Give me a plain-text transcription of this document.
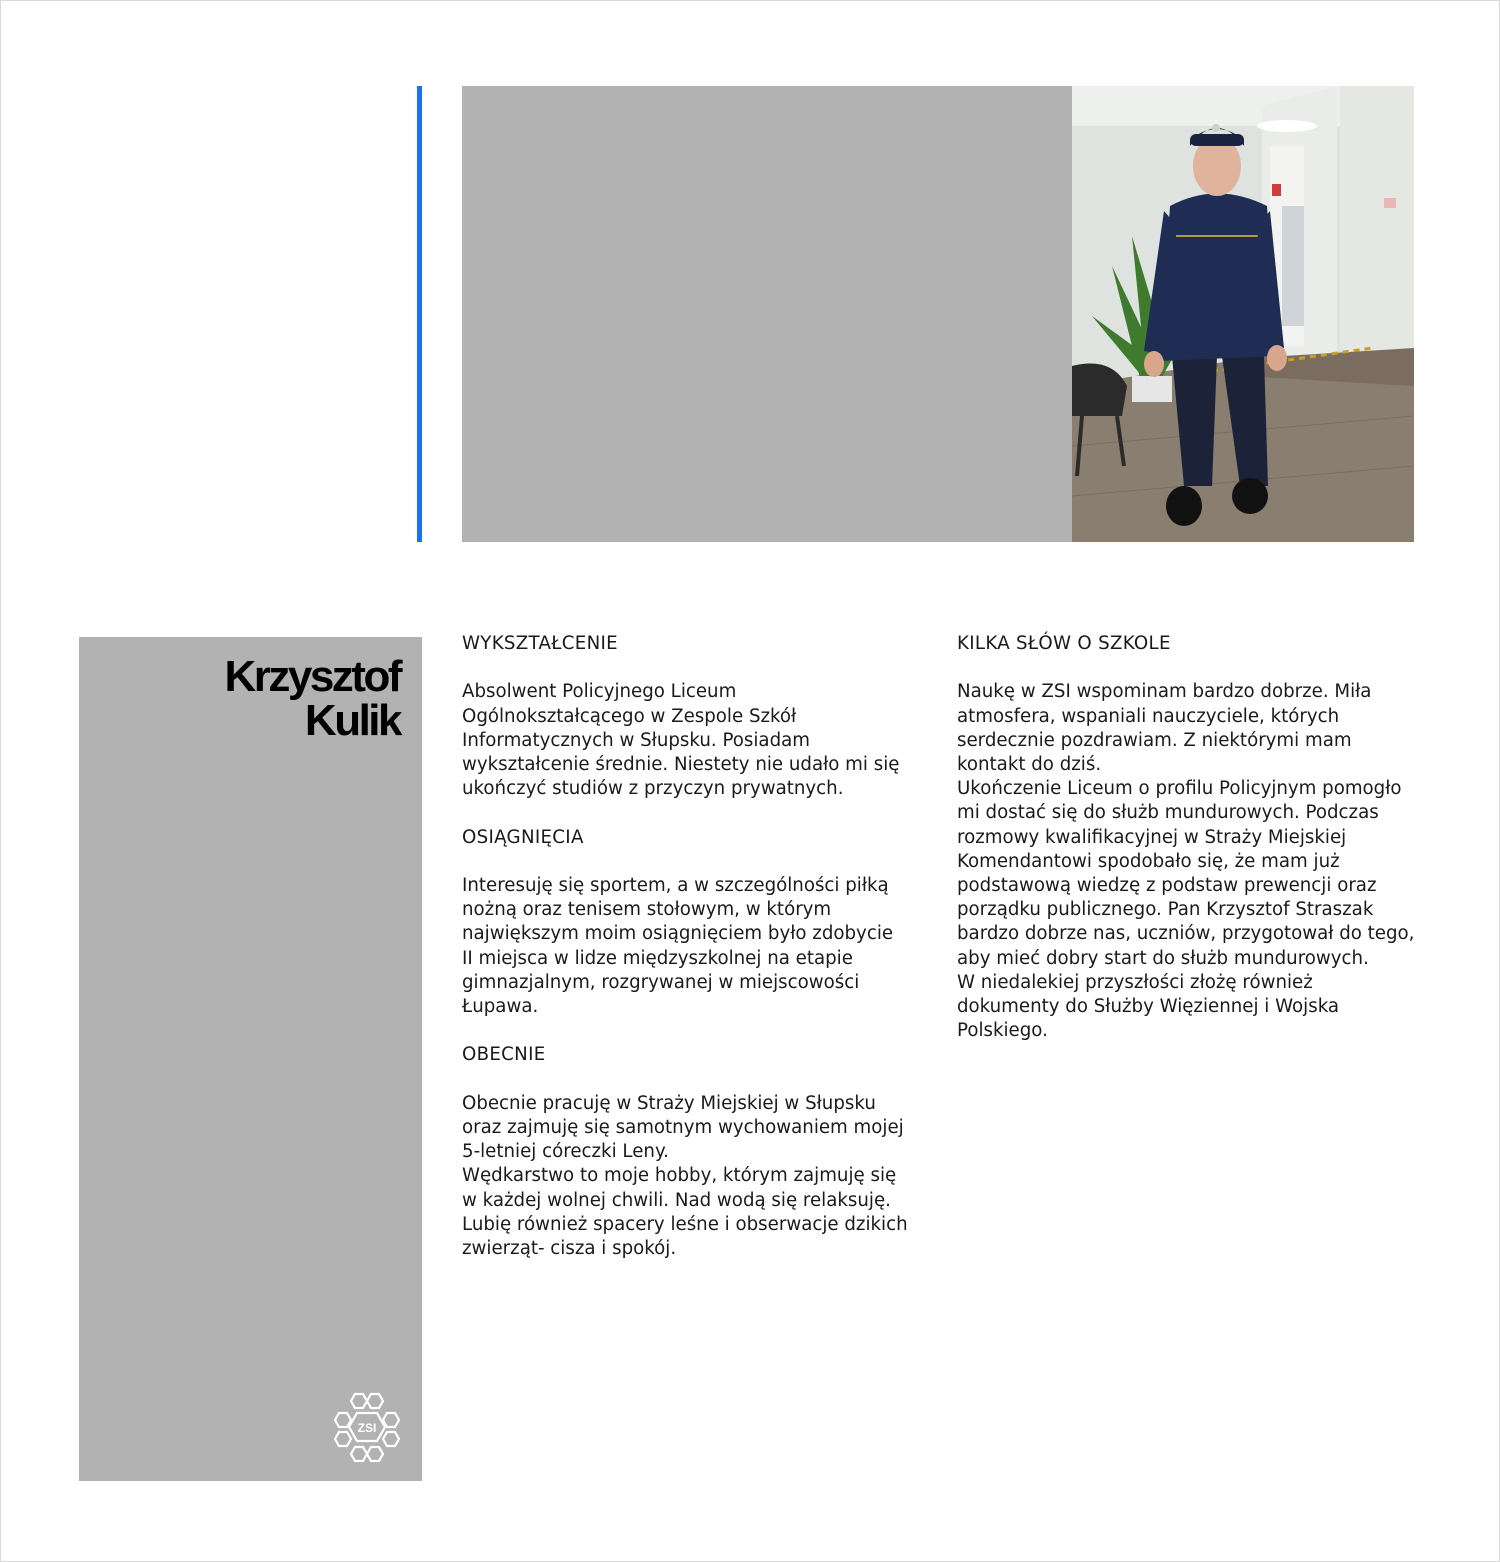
Krzysztof
Kulik
ZSI
WYKSZTAŁCENIE

Absolwent Policyjnego Liceum
Ogólnokształcącego w Zespole Szkół
Informatycznych w Słupsku. Posiadam
wykształcenie średnie. Niestety nie udało mi się
ukończyć studiów z przyczyn prywatnych.

OSIĄGNIĘCIA

Interesuję się sportem, a w szczególności piłką
nożną oraz tenisem stołowym, w którym
największym moim osiągnięciem było zdobycie
II miejsca w lidze międzyszkolnej na etapie
gimnazjalnym, rozgrywanej w miejscowości
Łupawa.

OBECNIE

Obecnie pracuję w Straży Miejskiej w Słupsku
oraz zajmuję się samotnym wychowaniem mojej
5-letniej córeczki Leny.
Wędkarstwo to moje hobby, którym zajmuję się
w każdej wolnej chwili. Nad wodą się relaksuję.
Lubię również spacery leśne i obserwacje dzikich
zwierząt- cisza i spokój.

KILKA SŁÓW O SZKOLE

Naukę w ZSI wspominam bardzo dobrze. Miła
atmosfera, wspaniali nauczyciele, których
serdecznie pozdrawiam. Z niektórymi mam
kontakt do dziś.
Ukończenie Liceum o profilu Policyjnym pomogło
mi dostać się do służb mundurowych. Podczas
rozmowy kwalifikacyjnej w Straży Miejskiej
Komendantowi spodobało się, że mam już
podstawową wiedzę z podstaw prewencji oraz
porządku publicznego. Pan Krzysztof Straszak
bardzo dobrze nas, uczniów, przygotował do tego,
aby mieć dobry start do służb mundurowych.
W niedalekiej przyszłości złożę również
dokumenty do Służby Więziennej i Wojska
Polskiego.
